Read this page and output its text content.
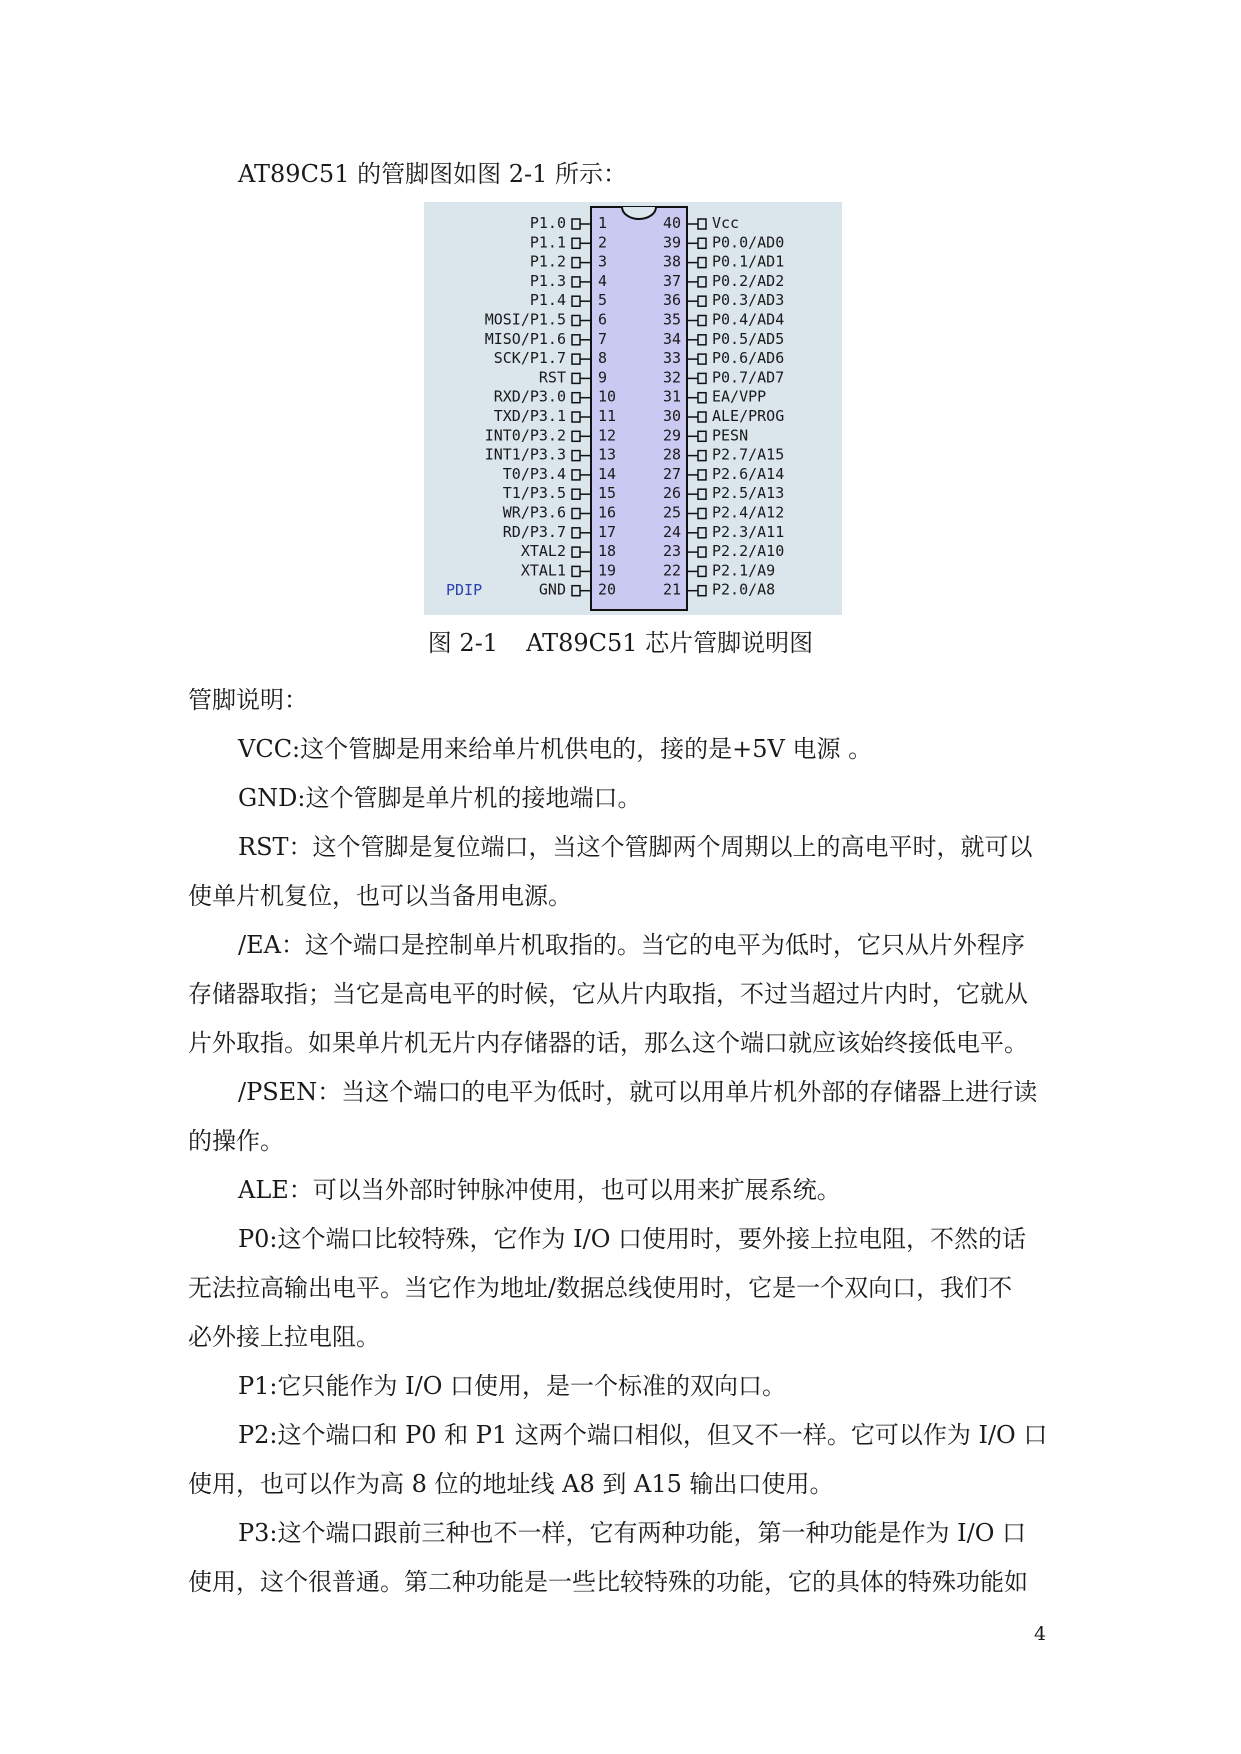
AT89C51 的管脚图如图 2-1 所示：

P1.0 1
P1.1 2
P1.2 3
P1.3 4
P1.4 5
MOSI/P1.5 6
MISO/P1.6 7
SCK/P1.7 8
RST 9
RXD/P3.0 10
TXD/P3.1 11
INT0/P3.2 12
INT1/P3.3 13
T0/P3.4 14
T1/P3.5 15
WR/P3.6 16
RD/P3.7 17
XTAL2 18
XTAL1 19
GND 20
40 Vcc
39 P0.0/AD0
38 P0.1/AD1
37 P0.2/AD2
36 P0.3/AD3
35 P0.4/AD4
34 P0.5/AD5
33 P0.6/AD6
32 P0.7/AD7
31 EA/VPP
30 ALE/PROG
29 PESN
28 P2.7/A15
27 P2.6/A14
26 P2.5/A13
25 P2.4/A12
24 P2.3/A11
23 P2.2/A10
22 P2.1/A9
21 P2.0/A8
PDIP

图 2-1 AT89C51 芯片管脚说明图

管脚说明：

VCC:这个管脚是用来给单片机供电的，接的是+5V 电源 。

GND:这个管脚是单片机的接地端口。

RST：这个管脚是复位端口，当这个管脚两个周期以上的高电平时，就可以
使单片机复位，也可以当备用电源。

/EA：这个端口是控制单片机取指的。当它的电平为低时，它只从片外程序
存储器取指；当它是高电平的时候，它从片内取指，不过当超过片内时，它就从
片外取指。如果单片机无片内存储器的话，那么这个端口就应该始终接低电平。

/PSEN：当这个端口的电平为低时，就可以用单片机外部的存储器上进行读
的操作。

ALE：可以当外部时钟脉冲使用，也可以用来扩展系统。

P0:这个端口比较特殊，它作为 I/O 口使用时，要外接上拉电阻，不然的话
无法拉高输出电平。当它作为地址/数据总线使用时，它是一个双向口，我们不
必外接上拉电阻。

P1:它只能作为 I/O 口使用，是一个标准的双向口。

P2:这个端口和 P0 和 P1 这两个端口相似，但又不一样。它可以作为 I/O 口
使用，也可以作为高 8 位的地址线 A8 到 A15 输出口使用。

P3:这个端口跟前三种也不一样，它有两种功能，第一种功能是作为 I/O 口
使用，这个很普通。第二种功能是一些比较特殊的功能，它的具体的特殊功能如

4
